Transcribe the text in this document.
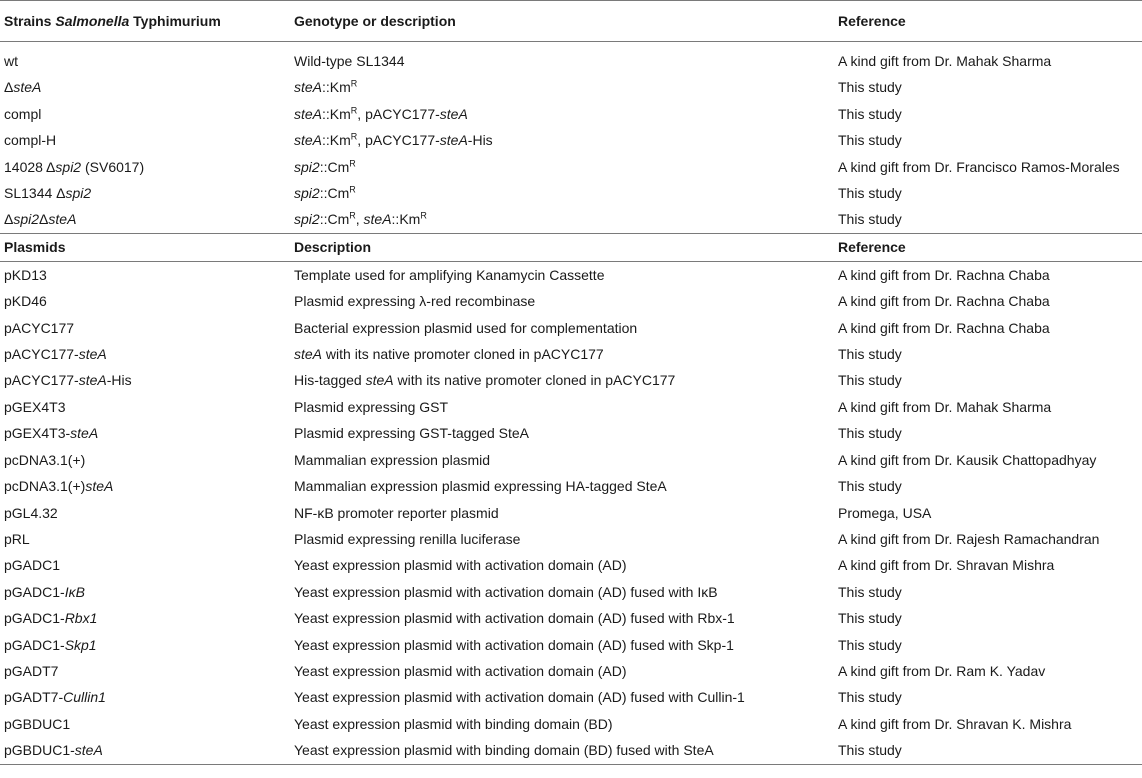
Strains Salmonella Typhimurium	Genotype or description	Reference

wt	Wild-type SL1344	A kind gift from Dr. Mahak Sharma
ΔsteA	$steA::Km^R$	This study
compl	$steA::Km^R$, pACYC177-steA	This study
compl-H	$steA::Km^R$, pACYC177-steA-His	This study
14028 Δspi2 (SV6017)	$spi2::Cm^R$	A kind gift from Dr. Francisco Ramos-Morales
SL1344 Δspi2	$spi2::Cm^R$	This study
Δspi2ΔsteA	$spi2::Cm^R$, $steA::Km^R$	This study
Plasmids	Description	Reference
pKD13	Template used for amplifying Kanamycin Cassette	A kind gift from Dr. Rachna Chaba
pKD46	Plasmid expressing λ-red recombinase	A kind gift from Dr. Rachna Chaba
pACYC177	Bacterial expression plasmid used for complementation	A kind gift from Dr. Rachna Chaba
pACYC177-steA	steA with its native promoter cloned in pACYC177	This study
pACYC177-steA-His	His-tagged steA with its native promoter cloned in pACYC177	This study
pGEX4T3	Plasmid expressing GST	A kind gift from Dr. Mahak Sharma
pGEX4T3-steA	Plasmid expressing GST-tagged SteA	This study
pcDNA3.1(+)	Mammalian expression plasmid	A kind gift from Dr. Kausik Chattopadhyay
pcDNA3.1(+)steA	Mammalian expression plasmid expressing HA-tagged SteA	This study
pGL4.32	NF-κB promoter reporter plasmid	Promega, USA
pRL	Plasmid expressing renilla luciferase	A kind gift from Dr. Rajesh Ramachandran
pGADC1	Yeast expression plasmid with activation domain (AD)	A kind gift from Dr. Shravan Mishra
pGADC1-IκB	Yeast expression plasmid with activation domain (AD) fused with IκB	This study
pGADC1-Rbx1	Yeast expression plasmid with activation domain (AD) fused with Rbx-1	This study
pGADC1-Skp1	Yeast expression plasmid with activation domain (AD) fused with Skp-1	This study
pGADT7	Yeast expression plasmid with activation domain (AD)	A kind gift from Dr. Ram K. Yadav
pGADT7-Cullin1	Yeast expression plasmid with activation domain (AD) fused with Cullin-1	This study
pGBDUC1	Yeast expression plasmid with binding domain (BD)	A kind gift from Dr. Shravan K. Mishra
pGBDUC1-steA	Yeast expression plasmid with binding domain (BD) fused with SteA	This study
